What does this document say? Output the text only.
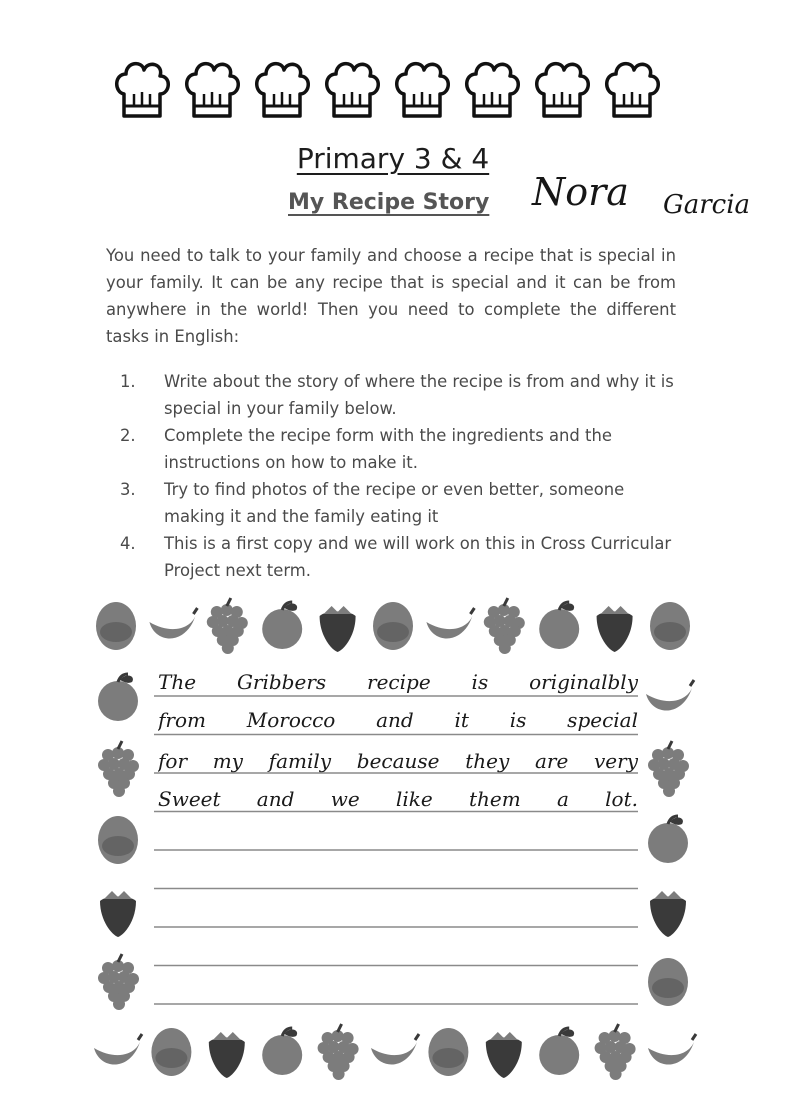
Primary 3 & 4
My Recipe Story Nora $_{Garcia}$

You need to talk to your family and choose a recipe that is special in your family. It can be any recipe that is special and it can be from anywhere in the world! Then you need to complete the different tasks in English:

1.	Write about the story of where the recipe is from and why it is special in your family below.
2.	Complete the recipe form with the ingredients and the instructions on how to make it.
3.	Try to find photos of the recipe or even better, someone making it and the family eating it
4.	This is a first copy and we will work on this in Cross Curricular Project next term.
The Gribbers recipe is originalbly
from Morocco and it is special
for my family because they are very
Sweet and we like them a lot.
